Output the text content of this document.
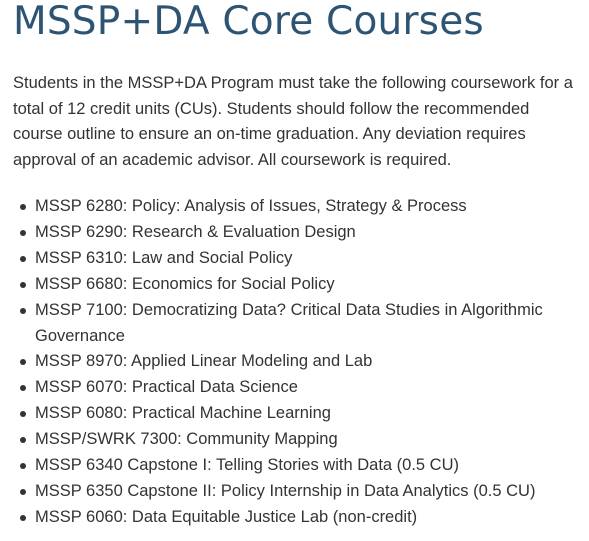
MSSP+DA Core Courses

Students in the MSSP+DA Program must take the following coursework for a total of 12 credit units (CUs). Students should follow the recommended course outline to ensure an on-time graduation. Any deviation requires approval of an academic advisor. All coursework is required.

MSSP 6280: Policy: Analysis of Issues, Strategy & Process
MSSP 6290: Research & Evaluation Design
MSSP 6310: Law and Social Policy
MSSP 6680: Economics for Social Policy
MSSP 7100: Democratizing Data? Critical Data Studies in Algorithmic Governance
MSSP 8970: Applied Linear Modeling and Lab
MSSP 6070: Practical Data Science
MSSP 6080: Practical Machine Learning
MSSP/SWRK 7300: Community Mapping
MSSP 6340 Capstone I: Telling Stories with Data (0.5 CU)
MSSP 6350 Capstone II: Policy Internship in Data Analytics (0.5 CU)
MSSP 6060: Data Equitable Justice Lab (non-credit)
